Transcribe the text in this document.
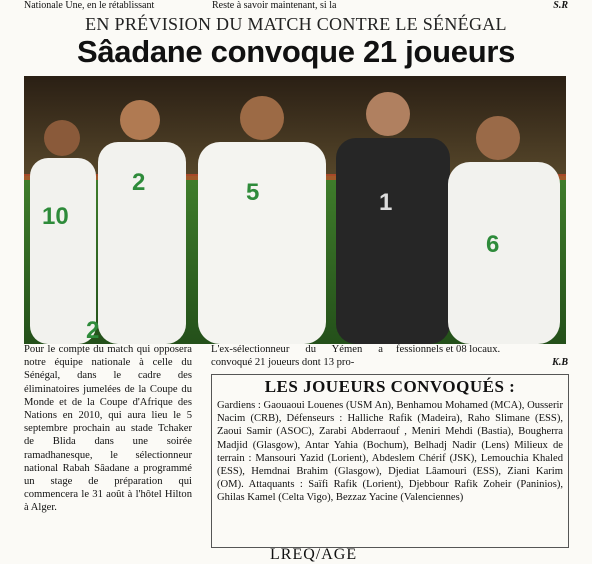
Nationale Une, en le rétablissant	Reste à savoir maintenant, si la	S.R
EN PRÉVISION DU MATCH CONTRE LE SÉNÉGAL
Sâadane convoque 21 joueurs
10
2	5	1
6
2
Pour le compte du match qui opposera notre équipe nationale à celle du Sénégal, dans le cadre des éliminatoires jumelées de la Coupe du Monde et de la Coupe d'Afrique des Nations en 2010, qui aura lieu le 5 septembre prochain au stade Tchaker de Blida dans une soirée ramadhanesque, le sélectionneur national Rabah Sâadane a programmé un stage de préparation qui commencera le 31 août à l'hôtel Hilton à Alger.
L'ex-sélectionneur du Yémen a convoqué 21 joueurs dont 13 pro-
fessionnels et 08 locaux.
K.B
LES JOUEURS CONVOQUÉS :
Gardiens : Gaouaoui Louenes (USM An), Benhamou Mohamed (MCA), Ousserir Nacim (CRB), Défenseurs : Halliche Rafik (Madeira), Raho Slimane (ESS), Zaoui Samir (ASOC), Zarabi Abderraouf , Meniri Mehdi (Bastia), Bougherra Madjid (Glasgow), Antar Yahia (Bochum), Belhadj Nadir (Lens) Milieux de terrain : Mansouri Yazid (Lorient), Abdeslem Chérif (JSK), Lemouchia Khaled (ESS), Hemdnai Brahim (Glasgow), Djediat Lâamouri (ESS), Ziani Karim (OM). Attaquants : Saïfi Rafik (Lorient), Djebbour Rafik Zoheir (Paninios), Ghilas Kamel (Celta Vigo), Bezzaz Yacine (Valenciennes)
LREQ/AGE
